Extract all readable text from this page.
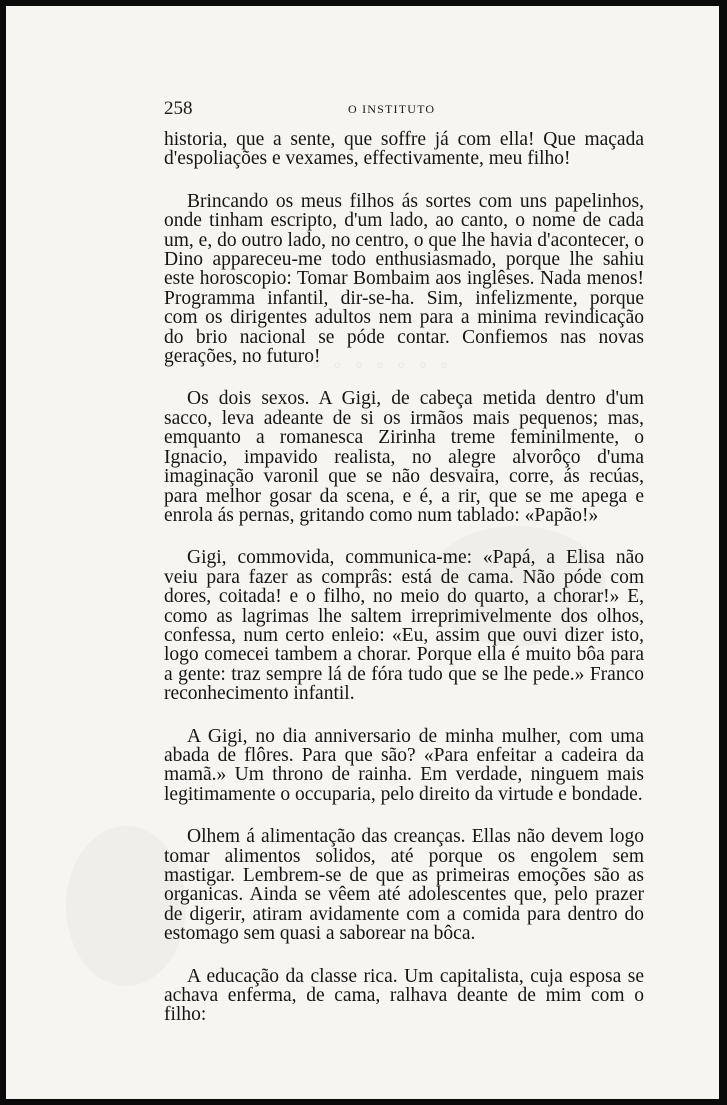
◦ ◦ ◦ ◦ ◦ ◦ ◦ ◦
258	O INSTITUTO

historia, que a sente, que soffre já com ella! Que maçada d'espoliações e vexames, effectivamente, meu filho!

Brincando os meus filhos ás sortes com uns papelinhos, onde tinham escripto, d'um lado, ao canto, o nome de cada um, e, do outro lado, no centro, o que lhe havia d'acontecer, o Dino appareceu-me todo enthusiasmado, porque lhe sahiu este horoscopio: Tomar Bombaim aos inglêses. Nada menos! Programma infantil, dir-se-ha. Sim, infelizmente, porque com os dirigentes adultos nem para a minima revindicação do brio nacional se póde contar. Confiemos nas novas gerações, no futuro!

Os dois sexos. A Gigi, de cabeça metida dentro d'um sacco, leva adeante de si os irmãos mais pequenos; mas, emquanto a romanesca Zirinha treme feminilmente, o Ignacio, impavido realista, no alegre alvorôço d'uma imaginação varonil que se não desvaira, corre, ás recúas, para melhor gosar da scena, e é, a rir, que se me apega e enrola ás pernas, gritando como num tablado: «Papão!»

Gigi, commovida, communica-me: «Papá, a Elisa não veiu para fazer as comprâs: está de cama. Não póde com dores, coitada! e o filho, no meio do quarto, a chorar!» E, como as lagrimas lhe saltem irreprimivelmente dos olhos, confessa, num certo enleio: «Eu, assim que ouvi dizer isto, logo comecei tambem a chorar. Porque ella é muito bôa para a gente: traz sempre lá de fóra tudo que se lhe pede.» Franco reconhecimento infantil.

A Gigi, no dia anniversario de minha mulher, com uma abada de flôres. Para que são? «Para enfeitar a cadeira da mamã.» Um throno de rainha. Em verdade, ninguem mais legitimamente o occuparia, pelo direito da virtude e bondade.

Olhem á alimentação das creanças. Ellas não devem logo tomar alimentos solidos, até porque os engolem sem mastigar. Lembrem-se de que as primeiras emoções são as organicas. Ainda se vêem até adolescentes que, pelo prazer de digerir, atiram avidamente com a comida para dentro do estomago sem quasi a saborear na bôca.

A educação da classe rica. Um capitalista, cuja esposa se achava enferma, de cama, ralhava deante de mim com o filho:
